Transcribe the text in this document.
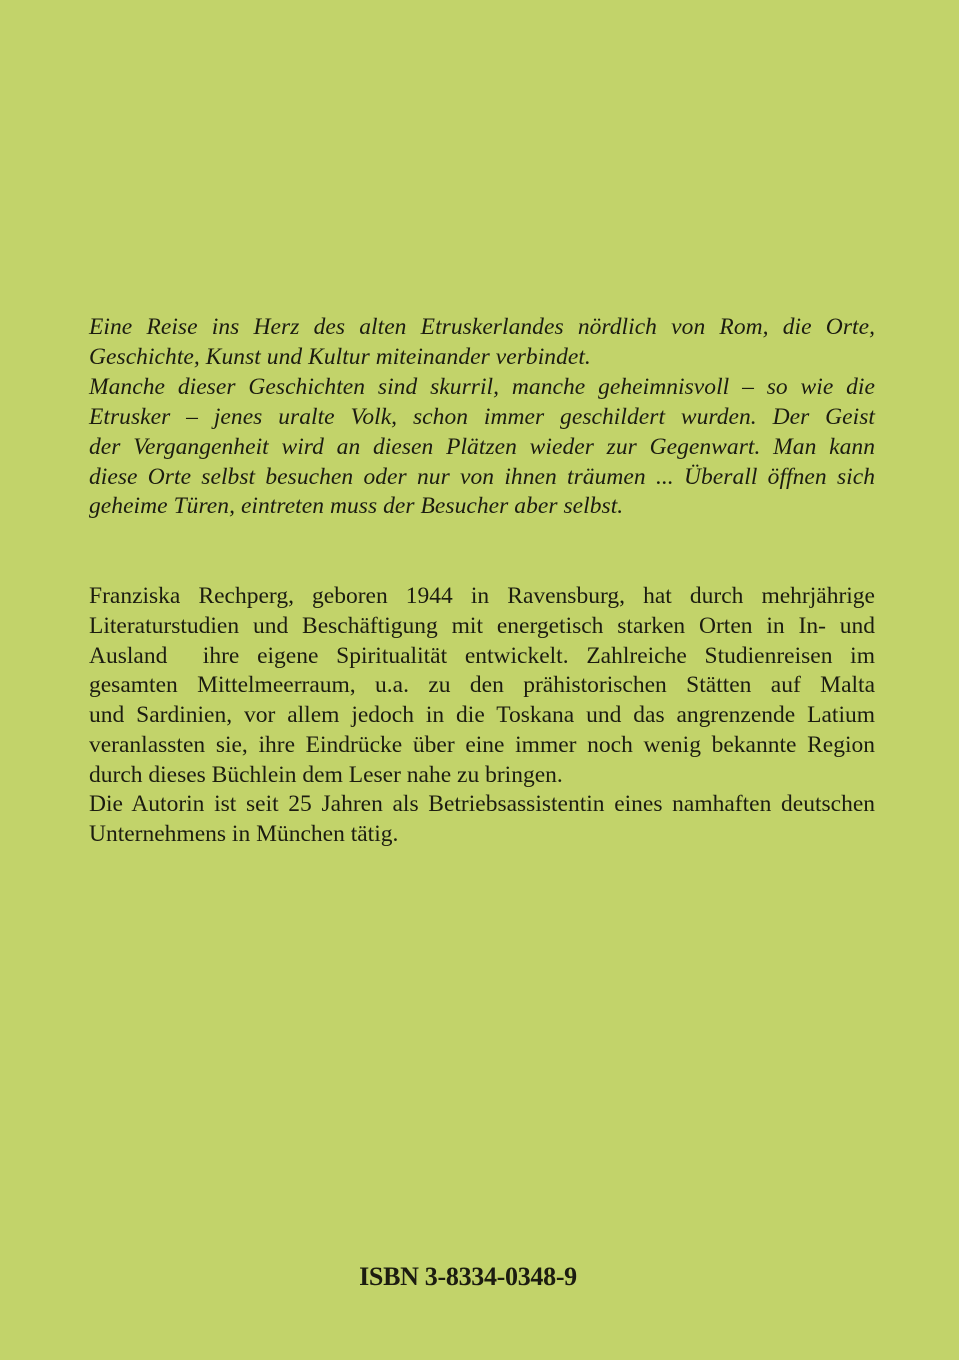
Eine Reise ins Herz des alten Etruskerlandes nördlich von Rom, die Orte,
Geschichte, Kunst und Kultur miteinander verbindet.
Manche dieser Geschichten sind skurril, manche geheimnisvoll – so wie die
Etrusker – jenes uralte Volk, schon immer geschildert wurden. Der Geist
der Vergangenheit wird an diesen Plätzen wieder zur Gegenwart. Man kann
diese Orte selbst besuchen oder nur von ihnen träumen ... Überall öffnen sich
geheime Türen, eintreten muss der Besucher aber selbst.
Franziska Rechperg, geboren 1944 in Ravensburg, hat durch mehrjährige
Literaturstudien und Beschäftigung mit energetisch starken Orten in In- und
Ausland  ihre eigene Spiritualität entwickelt. Zahlreiche Studienreisen im
gesamten Mittelmeerraum, u.a. zu den prähistorischen Stätten auf Malta
und Sardinien, vor allem jedoch in die Toskana und das angrenzende Latium
veranlassten sie, ihre Eindrücke über eine immer noch wenig bekannte Region
durch dieses Büchlein dem Leser nahe zu bringen.
Die Autorin ist seit 25 Jahren als Betriebsassistentin eines namhaften deutschen
Unternehmens in München tätig.
ISBN 3-8334-0348-9
